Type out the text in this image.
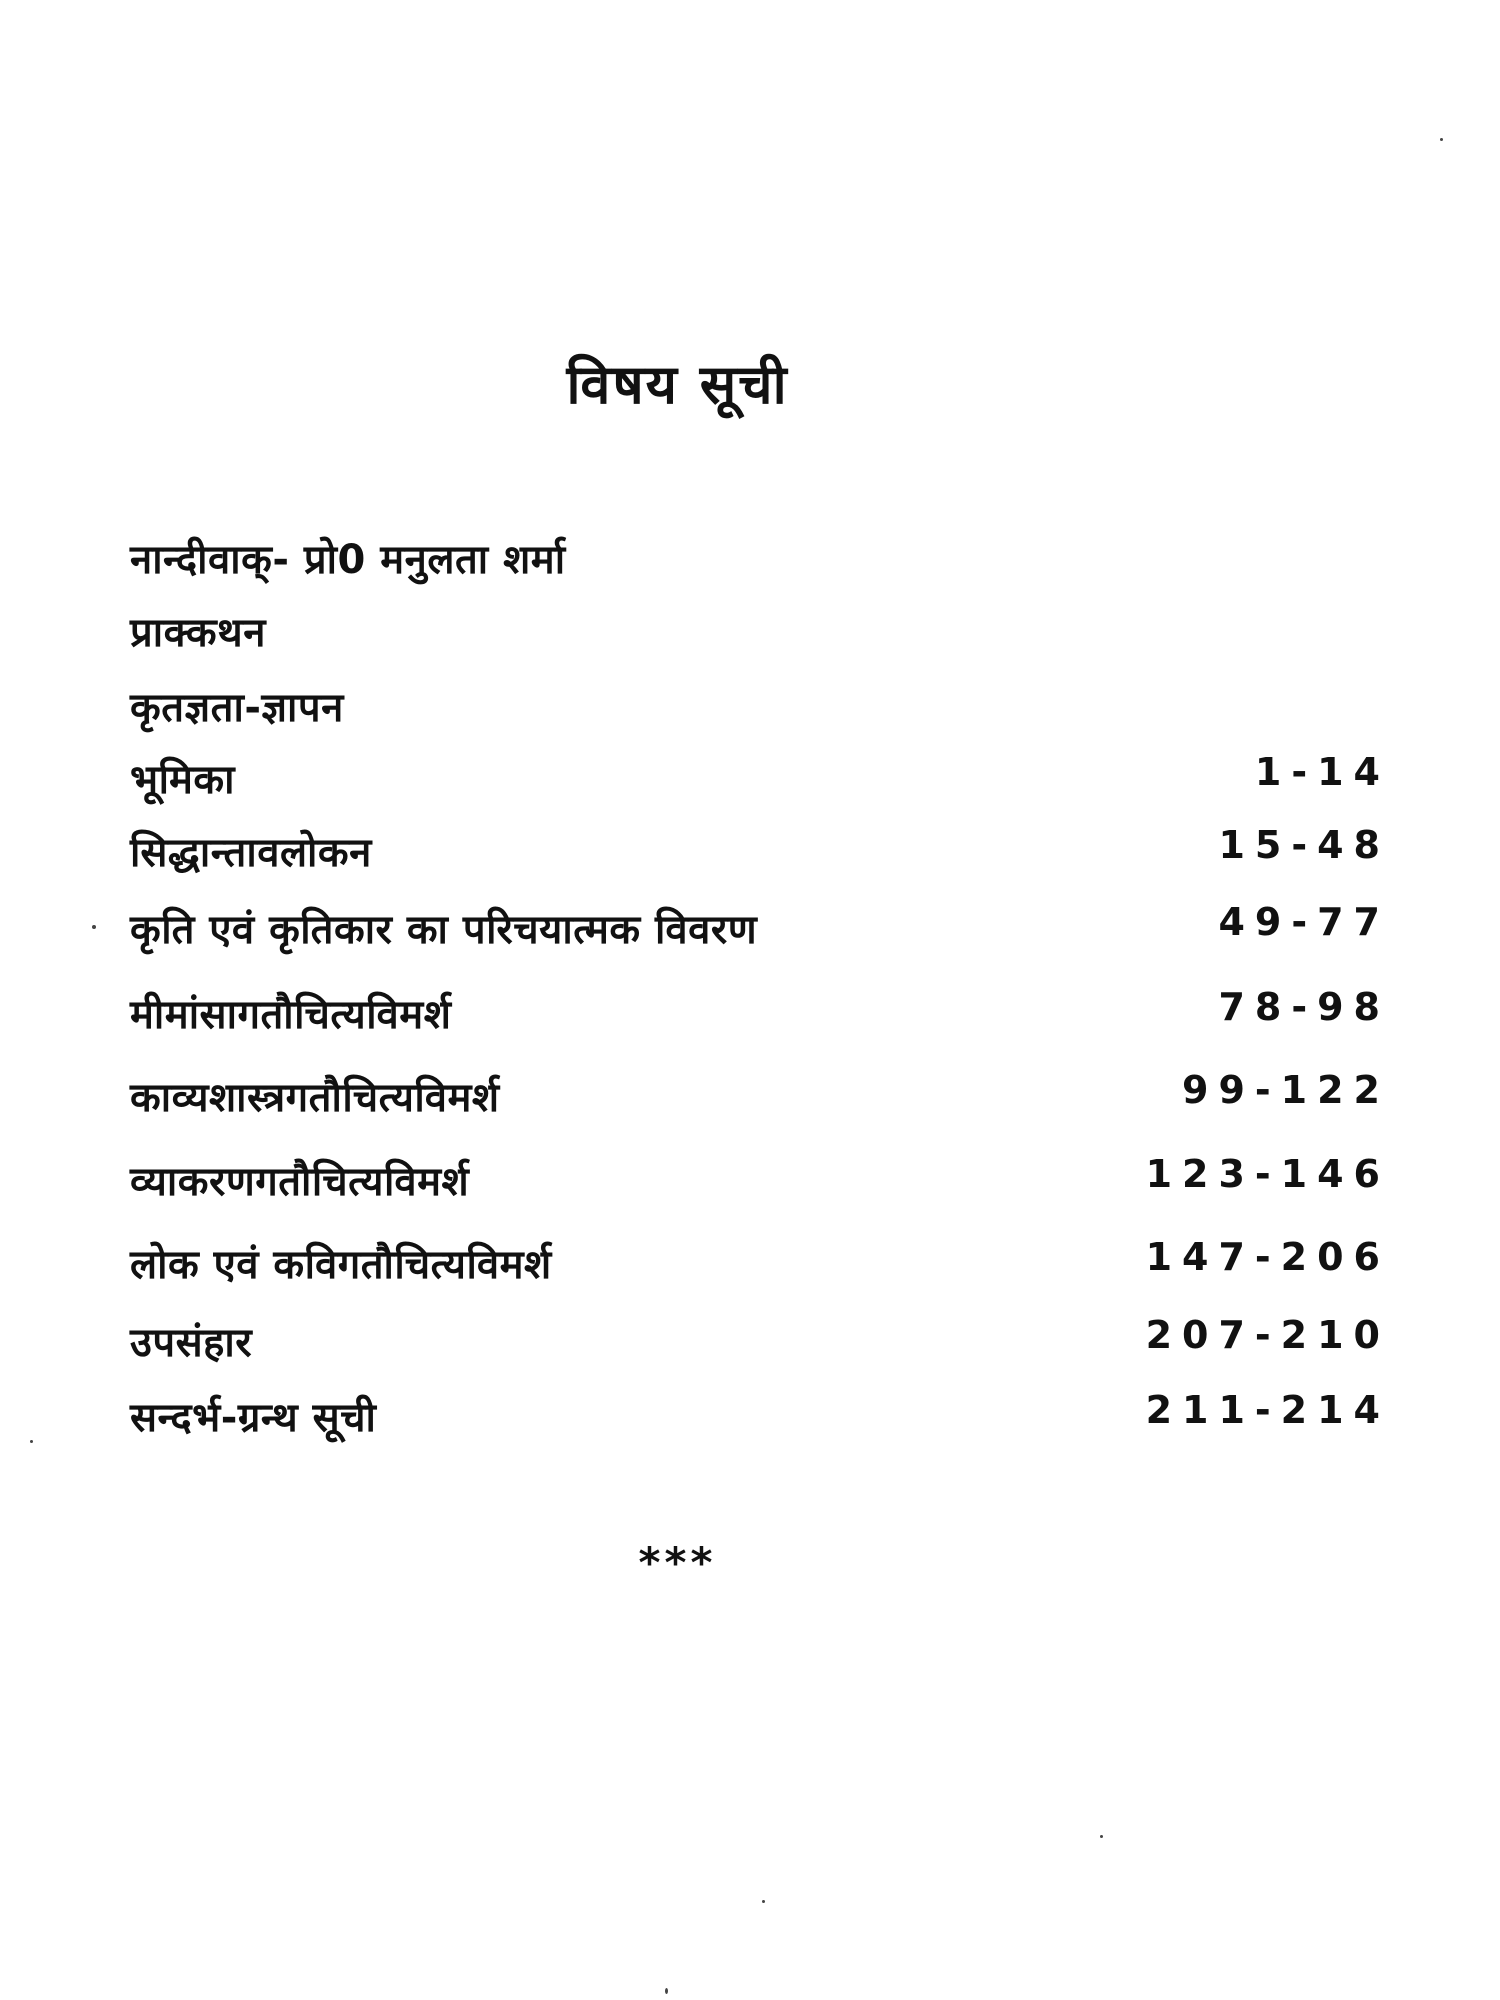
विषय सूची
नान्दीवाक्- प्रो0 मनुलता शर्मा
प्राक्कथन
कृतज्ञता-ज्ञापन
भूमिका	1-14
सिद्धान्तावलोकन	15-48
कृति एवं कृतिकार का परिचयात्मक विवरण	49-77
मीमांसागतौचित्यविमर्श	78-98
काव्यशास्त्रगतौचित्यविमर्श	99-122
व्याकरणगतौचित्यविमर्श	123-146
लोक एवं कविगतौचित्यविमर्श	147-206
उपसंहार	207-210
सन्दर्भ-ग्रन्थ सूची	211-214
***
